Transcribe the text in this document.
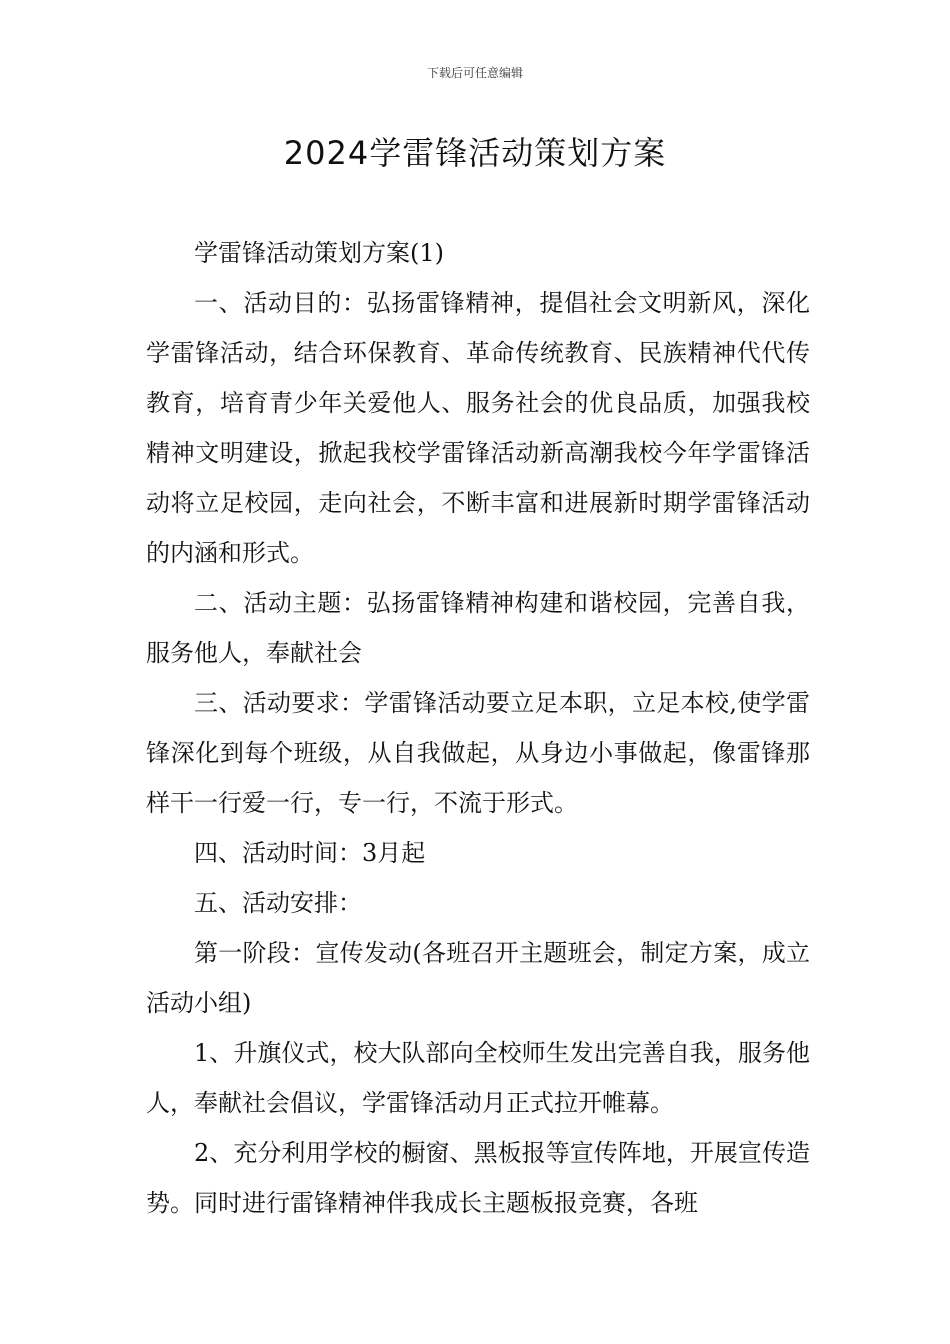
下载后可任意编辑
2024学雷锋活动策划方案

学雷锋活动策划方案(1)

一、活动目的：弘扬雷锋精神，提倡社会文明新风，深化学雷锋活动，结合环保教育、革命传统教育、民族精神代代传教育，培育青少年关爱他人、服务社会的优良品质，加强我校精神文明建设，掀起我校学雷锋活动新高潮我校今年学雷锋活动将立足校园，走向社会，不断丰富和进展新时期学雷锋活动的内涵和形式。

二、活动主题：弘扬雷锋精神构建和谐校园，完善自我，服务他人，奉献社会

三、活动要求：学雷锋活动要立足本职，立足本校,使学雷锋深化到每个班级，从自我做起，从身边小事做起，像雷锋那样干一行爱一行，专一行，不流于形式。

四、活动时间：3月起

五、活动安排：

第一阶段：宣传发动(各班召开主题班会，制定方案，成立活动小组)

1、升旗仪式，校大队部向全校师生发出完善自我，服务他人，奉献社会倡议，学雷锋活动月正式拉开帷幕。

2、充分利用学校的橱窗、黑板报等宣传阵地，开展宣传造势。同时进行雷锋精神伴我成长主题板报竞赛，各班
